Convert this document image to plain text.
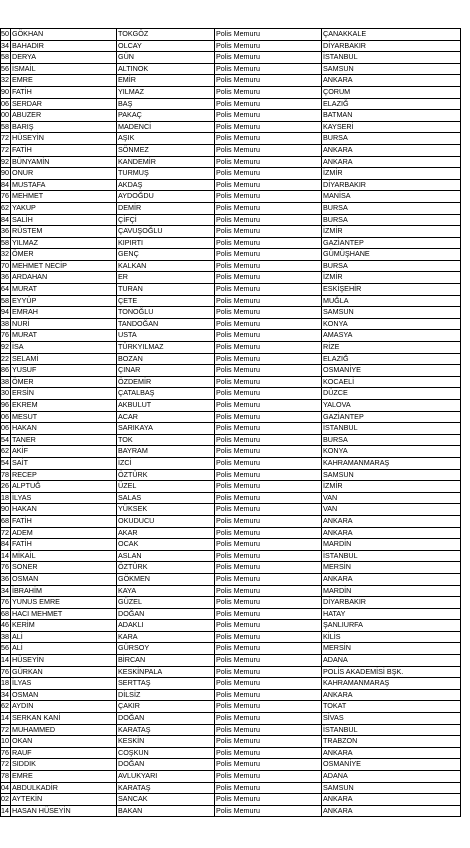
50	GÖKHAN	TOKGÖZ	Polis Memuru	ÇANAKKALE
34	BAHADIR	OLCAY	Polis Memuru	DİYARBAKIR
58	DERYA	GÜN	Polis Memuru	İSTANBUL
56	İSMAİL	ALTINOK	Polis Memuru	SAMSUN
32	EMRE	EMİR	Polis Memuru	ANKARA
90	FATİH	YILMAZ	Polis Memuru	ÇORUM
06	SERDAR	BAŞ	Polis Memuru	ELAZIĞ
00	ABUZER	PAKAÇ	Polis Memuru	BATMAN
58	BARIŞ	MADENCİ	Polis Memuru	KAYSERİ
72	HÜSEYİN	AŞIK	Polis Memuru	BURSA
72	FATİH	SÖNMEZ	Polis Memuru	ANKARA
92	BÜNYAMİN	KANDEMİR	Polis Memuru	ANKARA
90	ONUR	TURMUŞ	Polis Memuru	İZMİR
84	MUSTAFA	AKDAŞ	Polis Memuru	DİYARBAKIR
76	MEHMET	AYDOĞDU	Polis Memuru	MANİSA
62	YAKUP	DEMİR	Polis Memuru	BURSA
84	SALİH	ÇİFÇİ	Polis Memuru	BURSA
36	RÜSTEM	ÇAVUŞOĞLU	Polis Memuru	İZMİR
58	YILMAZ	KIPIRTI	Polis Memuru	GAZİANTEP
32	ÖMER	GENÇ	Polis Memuru	GÜMÜŞHANE
70	MEHMET NECİP	KALKAN	Polis Memuru	BURSA
36	ARDAHAN	ER	Polis Memuru	İZMİR
64	MURAT	TURAN	Polis Memuru	ESKİŞEHİR
58	EYYÜP	ÇETE	Polis Memuru	MUĞLA
94	EMRAH	TONOĞLU	Polis Memuru	SAMSUN
38	NURİ	TANDOĞAN	Polis Memuru	KONYA
76	MURAT	USTA	Polis Memuru	AMASYA
92	İSA	TÜRKYILMAZ	Polis Memuru	RİZE
22	SELAMİ	BOZAN	Polis Memuru	ELAZIĞ
86	YUSUF	ÇINAR	Polis Memuru	OSMANİYE
38	ÖMER	ÖZDEMİR	Polis Memuru	KOCAELİ
30	ERSİN	ÇATALBAŞ	Polis Memuru	DÜZCE
96	EKREM	AKBULUT	Polis Memuru	YALOVA
06	MESUT	ACAR	Polis Memuru	GAZİANTEP
06	HAKAN	SARIKAYA	Polis Memuru	İSTANBUL
54	TANER	TOK	Polis Memuru	BURSA
62	AKİF	BAYRAM	Polis Memuru	KONYA
54	SAİT	İZCİ	Polis Memuru	KAHRAMANMARAŞ
78	RECEP	ÖZTÜRK	Polis Memuru	SAMSUN
26	ALPTUĞ	ÜZEL	Polis Memuru	İZMİR
18	İLYAS	SALAS	Polis Memuru	VAN
90	HAKAN	YÜKSEK	Polis Memuru	VAN
68	FATİH	OKUDUCU	Polis Memuru	ANKARA
72	ADEM	AKAR	Polis Memuru	ANKARA
84	FATİH	OCAK	Polis Memuru	MARDİN
14	MİKAİL	ASLAN	Polis Memuru	İSTANBUL
76	SONER	ÖZTÜRK	Polis Memuru	MERSİN
36	OSMAN	GÖKMEN	Polis Memuru	ANKARA
34	İBRAHİM	KAYA	Polis Memuru	MARDİN
76	YUNUS EMRE	GÜZEL	Polis Memuru	DİYARBAKIR
68	HACI MEHMET	DOĞAN	Polis Memuru	HATAY
46	KERİM	ADAKLI	Polis Memuru	ŞANLIURFA
38	ALİ	KARA	Polis Memuru	KİLİS
56	ALİ	GÜRSOY	Polis Memuru	MERSİN
14	HÜSEYİN	BİRCAN	Polis Memuru	ADANA
76	GÜRKAN	KESKİNPALA	Polis Memuru	POLİS AKADEMİSİ BŞK.
18	İLYAS	SERTTAŞ	Polis Memuru	KAHRAMANMARAŞ
34	OSMAN	DİLSİZ	Polis Memuru	ANKARA
62	AYDIN	ÇAKIR	Polis Memuru	TOKAT
14	SERKAN KANİ	DOĞAN	Polis Memuru	SİVAS
72	MUHAMMED	KARATAŞ	Polis Memuru	İSTANBUL
10	OKAN	KESKİN	Polis Memuru	TRABZON
76	RAUF	COŞKUN	Polis Memuru	ANKARA
72	SIDDIK	DOĞAN	Polis Memuru	OSMANİYE
78	EMRE	AVLUKYARI	Polis Memuru	ADANA
04	ABDULKADİR	KARATAŞ	Polis Memuru	SAMSUN
02	AYTEKİN	SANCAK	Polis Memuru	ANKARA
14	HASAN HÜSEYİN	BAKAN	Polis Memuru	ANKARA
